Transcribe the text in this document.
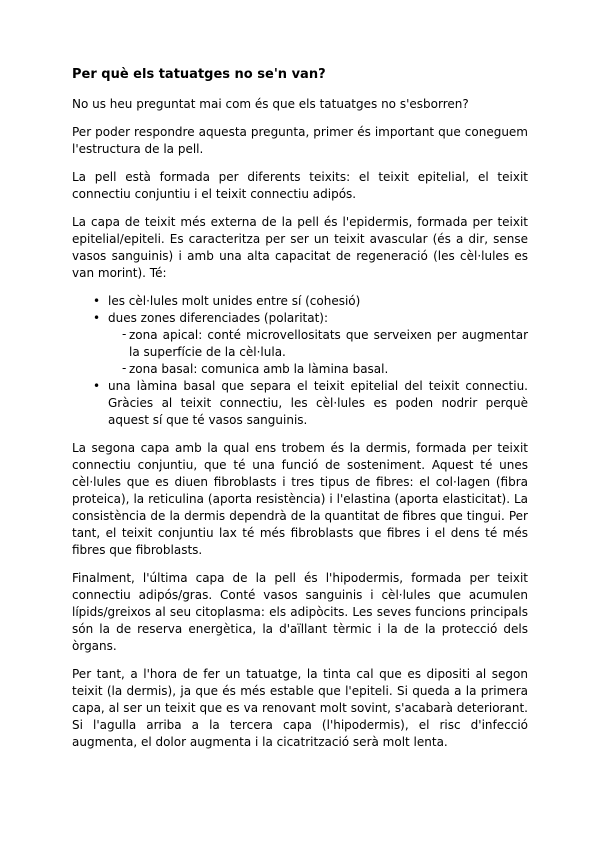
Per què els tatuatges no se'n van?

No us heu preguntat mai com és que els tatuatges no s'esborren?

Per poder respondre aquesta pregunta, primer és important que coneguem l'estructura de la pell.

La pell està formada per diferents teixits: el teixit epitelial, el teixit connectiu conjuntiu i el teixit connectiu adipós.

La capa de teixit més externa de la pell és l'epidermis, formada per teixit epitelial/epiteli. Es caracteritza per ser un teixit avascular (és a dir, sense vasos sanguinis) i amb una alta capacitat de regeneració (les cèl·lules es van morint). Té:

• les cèl·lules molt unides entre sí (cohesió)
• dues zones diferenciades (polaritat):
- zona apical: conté microvellositats que serveixen per augmentar la superfície de la cèl·lula.
- zona basal: comunica amb la làmina basal.
• una làmina basal que separa el teixit epitelial del teixit connectiu. Gràcies al teixit connectiu, les cèl·lules es poden nodrir perquè aquest sí que té vasos sanguinis.

La segona capa amb la qual ens trobem és la dermis, formada per teixit connectiu conjuntiu, que té una funció de sosteniment. Aquest té unes cèl·lules que es diuen fibroblasts i tres tipus de fibres: el col·lagen (fibra proteica), la reticulina (aporta resistència) i l'elastina (aporta elasticitat). La consistència de la dermis dependrà de la quantitat de fibres que tingui. Per tant, el teixit conjuntiu lax té més fibroblasts que fibres i el dens té més fibres que fibroblasts.

Finalment, l'última capa de la pell és l'hipodermis, formada per teixit connectiu adipós/gras. Conté vasos sanguinis i cèl·lules que acumulen lípids/greixos al seu citoplasma: els adipòcits. Les seves funcions principals són la de reserva energètica, la d'aïllant tèrmic i la de la protecció dels òrgans.

Per tant, a l'hora de fer un tatuatge, la tinta cal que es dipositi al segon teixit (la dermis), ja que és més estable que l'epiteli. Si queda a la primera capa, al ser un teixit que es va renovant molt sovint, s'acabarà deteriorant. Si l'agulla arriba a la tercera capa (l'hipodermis), el risc d'infecció augmenta, el dolor augmenta i la cicatrització serà molt lenta.
